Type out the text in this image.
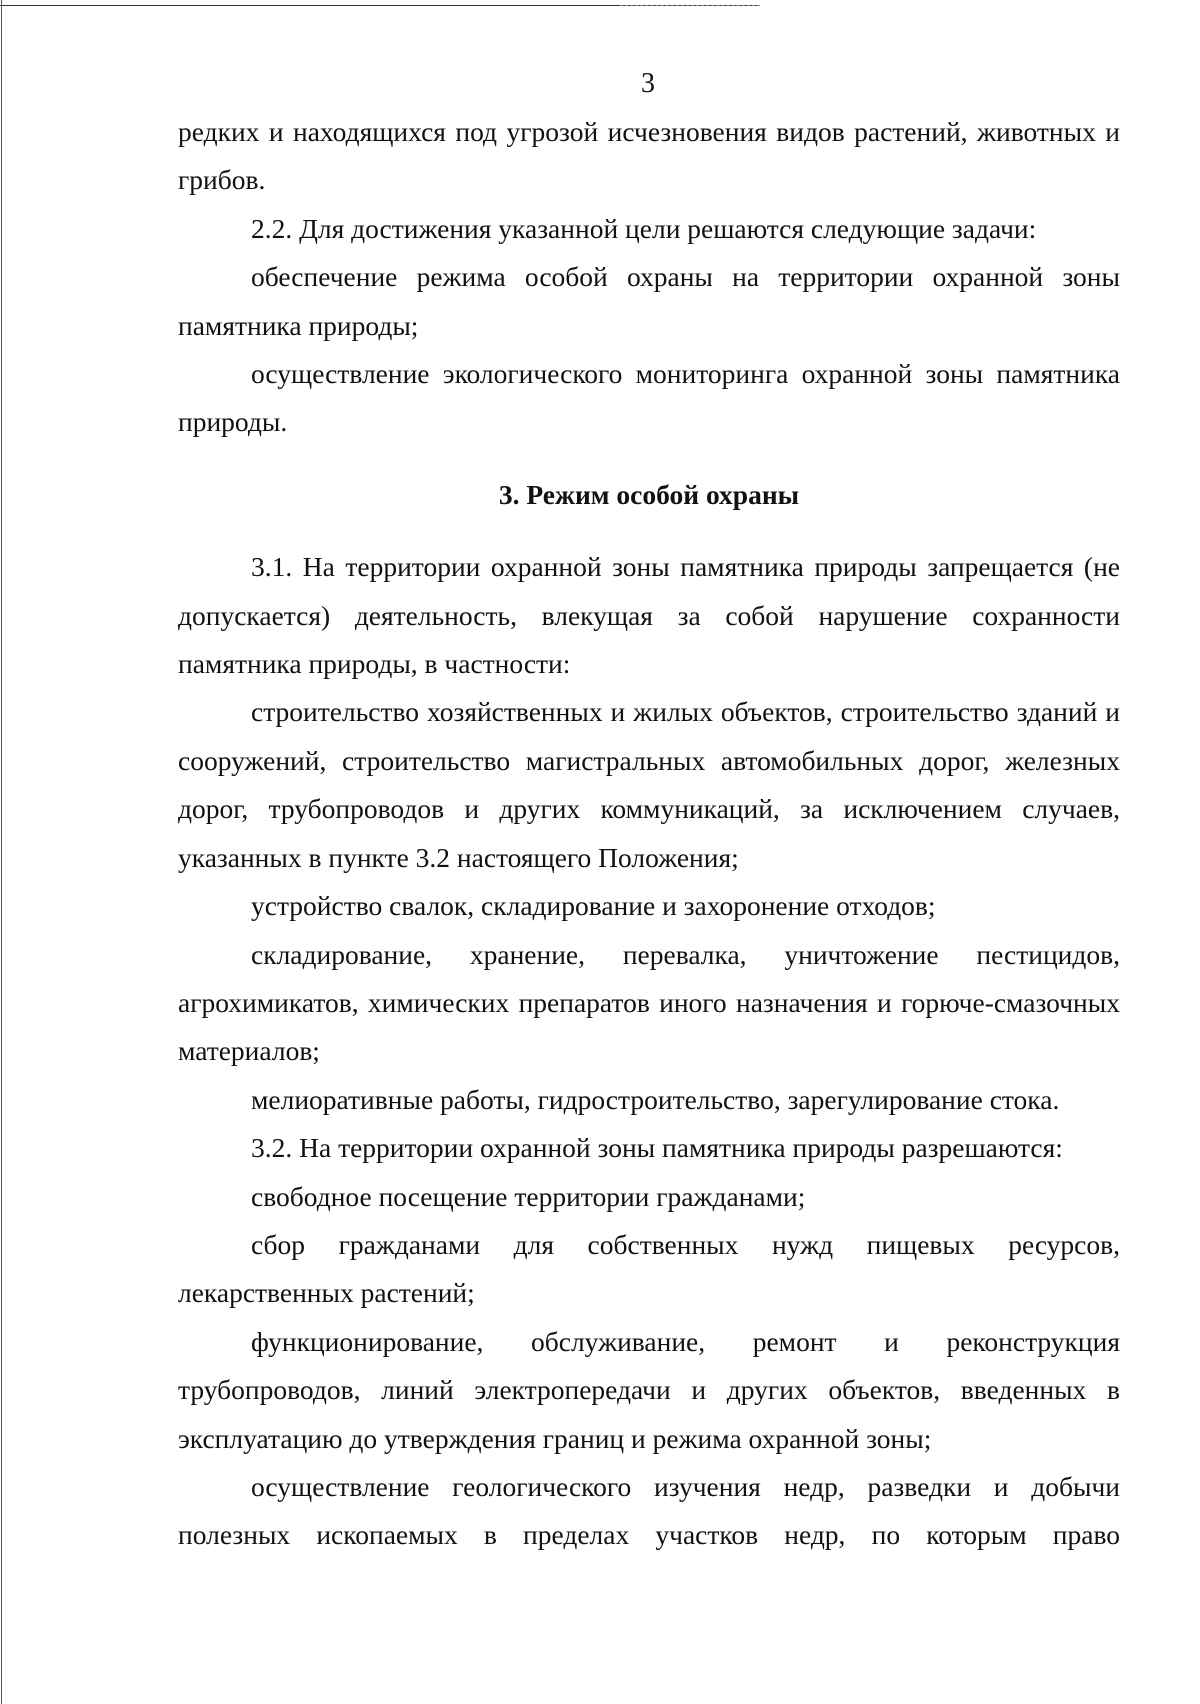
3

редких и находящихся под угрозой исчезновения видов растений, животных и грибов.

2.2. Для достижения указанной цели решаются следующие задачи:

обеспечение режима особой охраны на территории охранной зоны памятника природы;

осуществление экологического мониторинга охранной зоны памятника природы.

3. Режим особой охраны

3.1. На территории охранной зоны памятника природы запрещается (не допускается) деятельность, влекущая за собой нарушение сохранности памятника природы, в частности:

строительство хозяйственных и жилых объектов, строительство зданий и сооружений, строительство магистральных автомобильных дорог, железных дорог, трубопроводов и других коммуникаций, за исключением случаев, указанных в пункте 3.2 настоящего Положения;

устройство свалок, складирование и захоронение отходов;

складирование, хранение, перевалка, уничтожение пестицидов, агрохимикатов, химических препаратов иного назначения и горюче-смазочных материалов;

мелиоративные работы, гидростроительство, зарегулирование стока.

3.2. На территории охранной зоны памятника природы разрешаются:

свободное посещение территории гражданами;

сбор гражданами для собственных нужд пищевых ресурсов, лекарственных растений;

функционирование, обслуживание, ремонт и реконструкция трубопроводов, линий электропередачи и других объектов, введенных в эксплуатацию до утверждения границ и режима охранной зоны;

осуществление геологического изучения недр, разведки и добычи полезных ископаемых в пределах участков недр, по которым право
